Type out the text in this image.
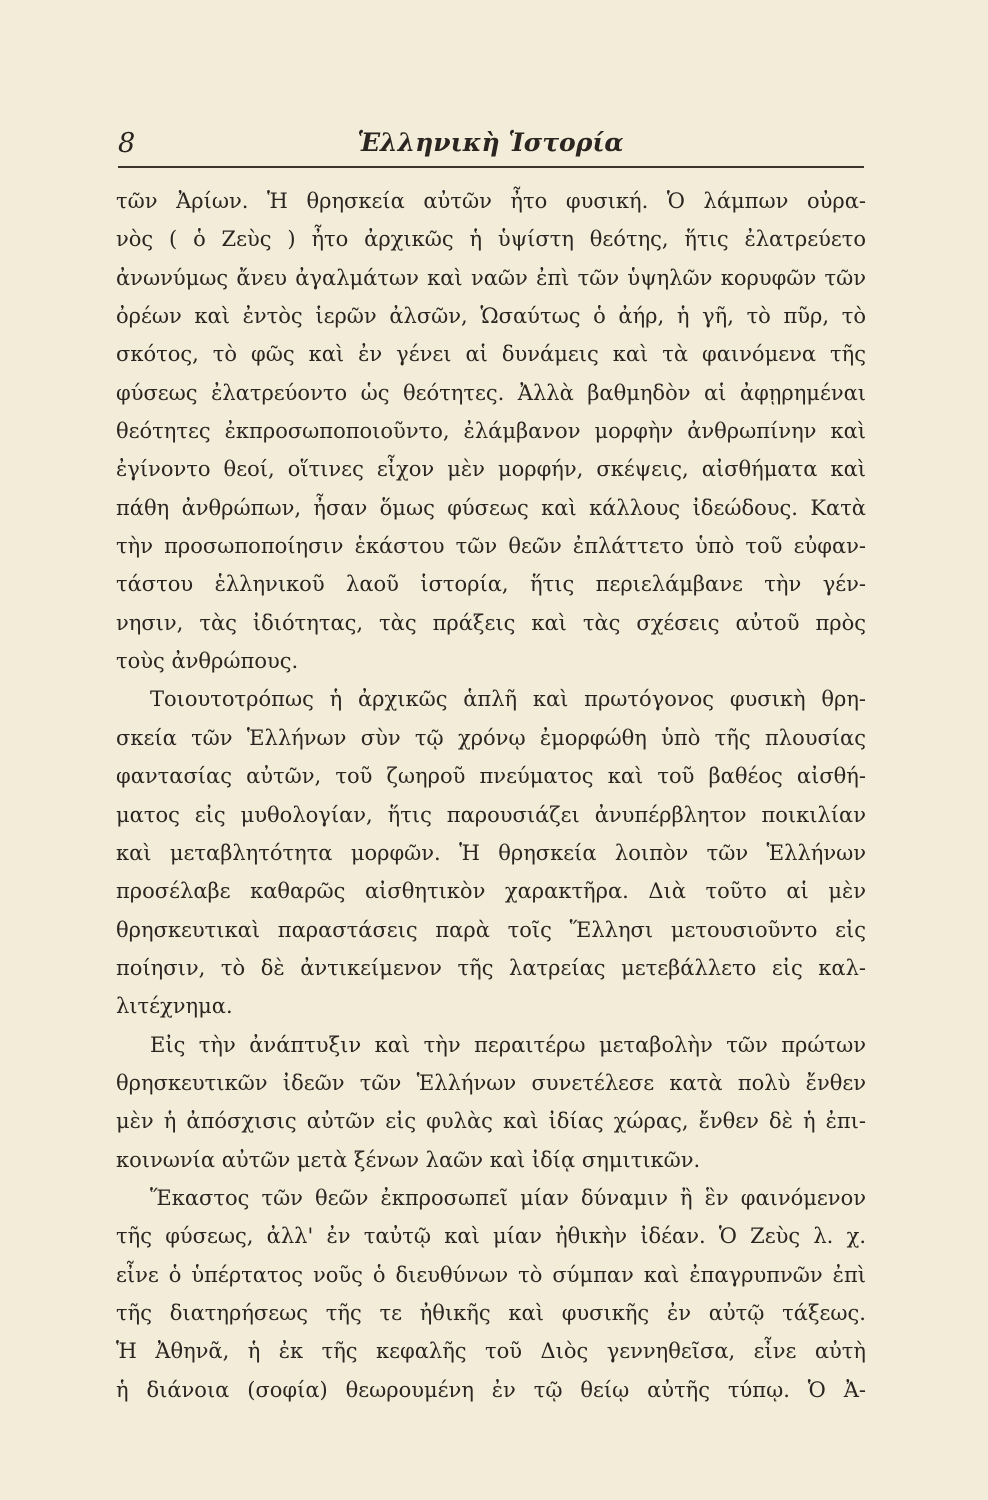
8	Ἑλληνικὴ Ἱστορία
τῶν Ἀρίων. Ἡ θρησκεία αὐτῶν ἦτο φυσική. Ὁ λάμπων οὐρα-
νὸς ( ὁ Ζεὺς ) ἦτο ἀρχικῶς ἡ ὑψίστη θεότης, ἥτις ἐλατρεύετο
ἀνωνύμως ἄνευ ἀγαλμάτων καὶ ναῶν ἐπὶ τῶν ὑψηλῶν κορυφῶν τῶν
ὀρέων καὶ ἐντὸς ἱερῶν ἀλσῶν, Ὡσαύτως ὁ ἀήρ, ἡ γῆ, τὸ πῦρ, τὸ
σκότος, τὸ φῶς καὶ ἐν γένει αἱ δυνάμεις καὶ τὰ φαινόμενα τῆς
φύσεως ἐλατρεύοντο ὡς θεότητες. Ἀλλὰ βαθμηδὸν αἱ ἀφῃρημέναι
θεότητες ἐκπροσωποποιοῦντο, ἐλάμβανον μορφὴν ἀνθρωπίνην καὶ
ἐγίνοντο θεοί, οἵτινες εἶχον μὲν μορφήν, σκέψεις, αἰσθήματα καὶ
πάθη ἀνθρώπων, ἦσαν ὅμως φύσεως καὶ κάλλους ἰδεώδους. Κατὰ
τὴν προσωποποίησιν ἑκάστου τῶν θεῶν ἐπλάττετο ὑπὸ τοῦ εὐφαν-
τάστου ἑλληνικοῦ λαοῦ ἱστορία, ἥτις περιελάμβανε τὴν γέν-
νησιν, τὰς ἰδιότητας, τὰς πράξεις καὶ τὰς σχέσεις αὐτοῦ πρὸς
τοὺς ἀνθρώπους.
Τοιουτοτρόπως ἡ ἀρχικῶς ἁπλῆ καὶ πρωτόγονος φυσικὴ θρη-
σκεία τῶν Ἑλλήνων σὺν τῷ χρόνῳ ἐμορφώθη ὑπὸ τῆς πλουσίας
φαντασίας αὐτῶν, τοῦ ζωηροῦ πνεύματος καὶ τοῦ βαθέος αἰσθή-
ματος εἰς μυθολογίαν, ἥτις παρουσιάζει ἀνυπέρβλητον ποικιλίαν
καὶ μεταβλητότητα μορφῶν. Ἡ θρησκεία λοιπὸν τῶν Ἑλλήνων
προσέλαβε καθαρῶς αἰσθητικὸν χαρακτῆρα. Διὰ τοῦτο αἱ μὲν
θρησκευτικαὶ παραστάσεις παρὰ τοῖς Ἕλλησι μετουσιοῦντο εἰς
ποίησιν, τὸ δὲ ἀντικείμενον τῆς λατρείας μετεβάλλετο εἰς καλ-
λιτέχνημα.
Εἰς τὴν ἀνάπτυξιν καὶ τὴν περαιτέρω μεταβολὴν τῶν πρώτων
θρησκευτικῶν ἰδεῶν τῶν Ἑλλήνων συνετέλεσε κατὰ πολὺ ἔνθεν
μὲν ἡ ἀπόσχισις αὐτῶν εἰς φυλὰς καὶ ἰδίας χώρας, ἔνθεν δὲ ἡ ἐπι-
κοινωνία αὐτῶν μετὰ ξένων λαῶν καὶ ἰδίᾳ σημιτικῶν.
Ἕκαστος τῶν θεῶν ἐκπροσωπεῖ μίαν δύναμιν ἢ ἓν φαινόμενον
τῆς φύσεως, ἀλλ' ἐν ταὐτῷ καὶ μίαν ἠθικὴν ἰδέαν. Ὁ Ζεὺς λ. χ.
εἶνε ὁ ὑπέρτατος νοῦς ὁ διευθύνων τὸ σύμπαν καὶ ἐπαγρυπνῶν ἐπὶ
τῆς διατηρήσεως τῆς τε ἠθικῆς καὶ φυσικῆς ἐν αὐτῷ τάξεως.
Ἡ Ἀθηνᾶ, ἡ ἐκ τῆς κεφαλῆς τοῦ Διὸς γεννηθεῖσα, εἶνε αὐτὴ
ἡ διάνοια (σοφία) θεωρουμένη ἐν τῷ θείῳ αὐτῆς τύπῳ. Ὁ Ἀ-
